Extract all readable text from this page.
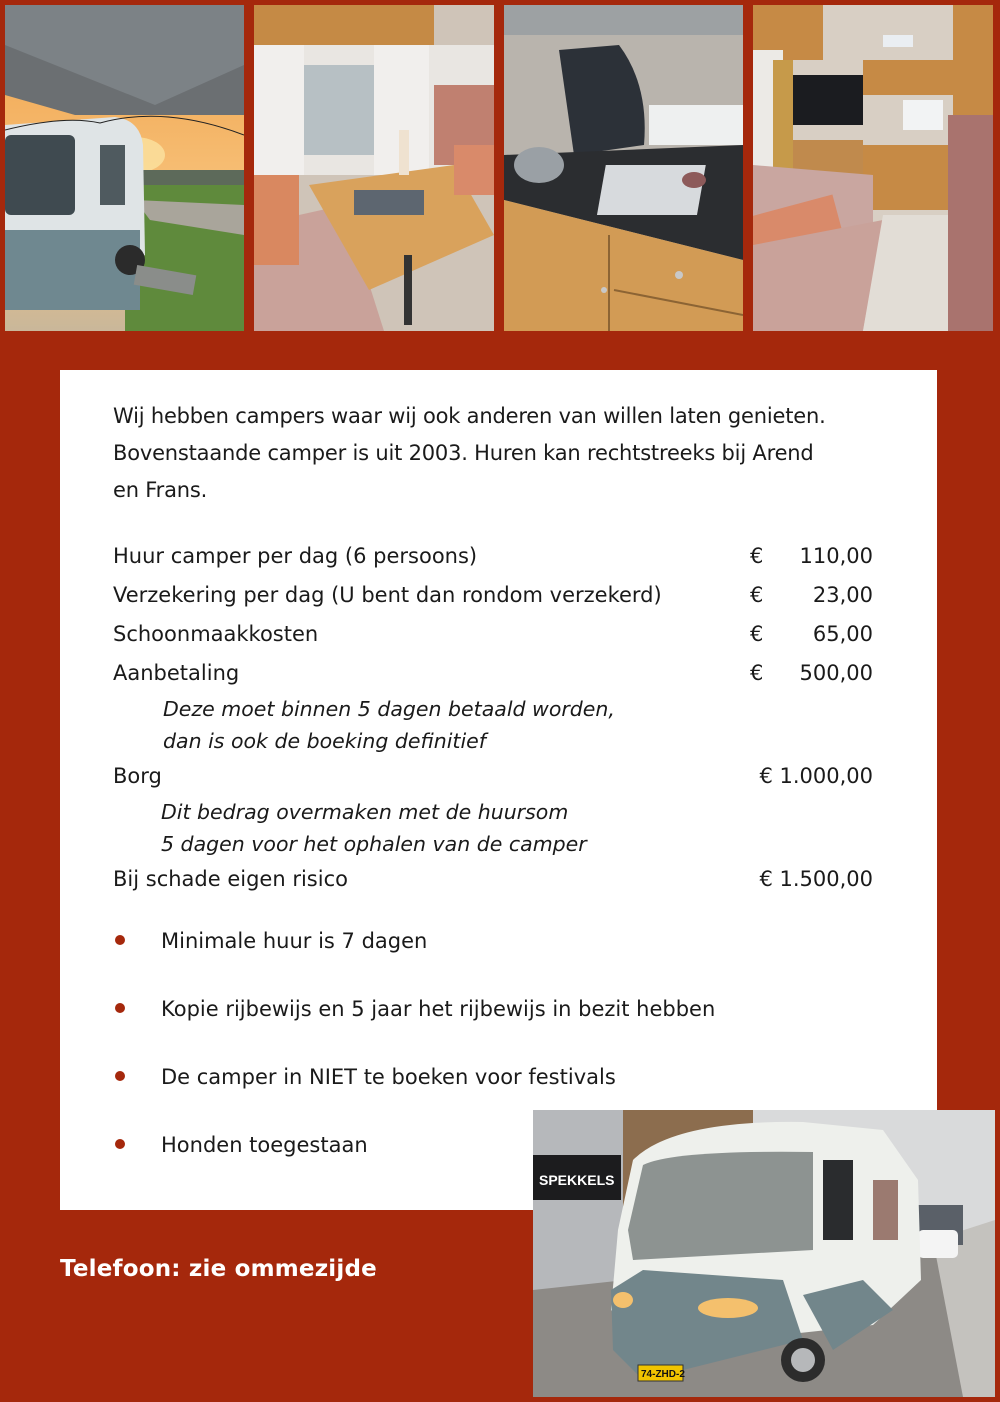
Wij hebben campers waar wij ook anderen van willen laten genieten.
Bovenstaande camper is uit 2003. Huren kan rechtstreeks bij Arend
en Frans.
Huur camper per dag (6 persoons)	€ 110,00
Verzekering per dag (U bent dan rondom verzekerd)	€ 23,00
Schoonmaakkosten	€ 65,00
Aanbetaling	€ 500,00
Deze moet binnen 5 dagen betaald worden,
dan is ook de boeking definitief
Borg	€ 1.000,00
Dit bedrag overmaken met de huursom
5 dagen voor het ophalen van de camper
Bij schade eigen risico	€ 1.500,00
Minimale huur is 7 dagen
Kopie rijbewijs en 5 jaar het rijbewijs in bezit hebben
De camper in NIET te boeken voor festivals
Honden toegestaan
Telefoon: zie ommezijde
SPEKKELS
74-ZHD-2
